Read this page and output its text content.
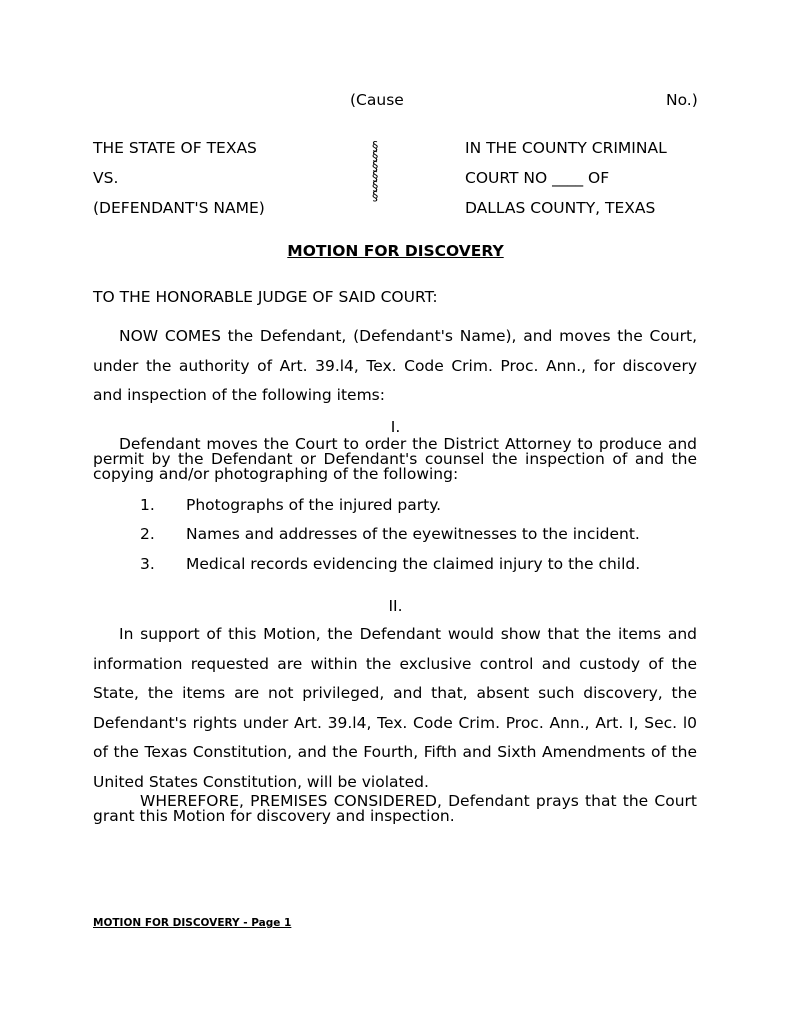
(Cause	No.)
THE STATE OF TEXAS
VS.
(DEFENDANT'S NAME)
§
§
§
§
§
§
IN THE COUNTY CRIMINAL
COURT NO ____ OF
DALLAS COUNTY, TEXAS
MOTION FOR DISCOVERY
TO THE HONORABLE JUDGE OF SAID COURT:

NOW COMES the Defendant, (Defendant's Name), and moves the Court, under the authority of Art. 39.l4, Tex. Code Crim. Proc. Ann., for discovery and inspection of the following items:

I.

Defendant moves the Court to order the District Attorney to produce and permit by the Defendant or Defendant's counsel the inspection of and the copying and/or photographing of the following:

1. Photographs of the injured party.
2. Names and addresses of the eyewitnesses to the incident.
3. Medical records evidencing the claimed injury to the child.
II.

In support of this Motion, the Defendant would show that the items and information requested are within the exclusive control and custody of the State, the items are not privileged, and that, absent such discovery, the Defendant's rights under Art. 39.l4, Tex. Code Crim. Proc. Ann., Art. I, Sec. l0 of the Texas Constitution, and the Fourth, Fifth and Sixth Amendments of the United States Constitution, will be violated.

WHEREFORE, PREMISES CONSIDERED, Defendant prays that the Court grant this Motion for discovery and inspection.

MOTION FOR DISCOVERY - Page 1
